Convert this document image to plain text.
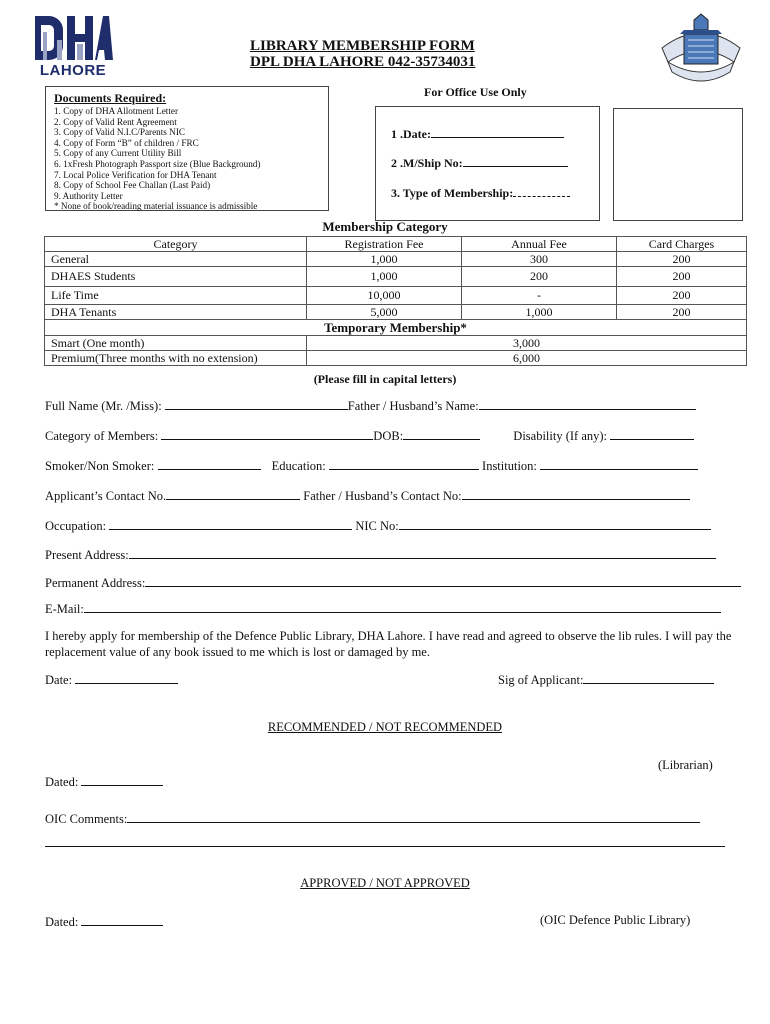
LAHORE
LIBRARY MEMBERSHIP FORM
DPL DHA LAHORE 042-35734031
Documents Required:
1. Copy of DHA Allotment Letter
2. Copy of Valid Rent Agreement
3. Copy of Valid N.I.C/Parents NIC
4. Copy of Form “B” of children / FRC
5. Copy of any Current Utility Bill
6. 1xFresh Photograph Passport size (Blue Background)
7. Local Police Verification for DHA Tenant
8. Copy of School Fee Challan (Last Paid)
9. Authority Letter
* None of book/reading material issuance is admissible
For Office Use Only
1 .Date:
2 .M/Ship No:
3. Type of Membership:
Membership Category
Category	Registration Fee	Annual Fee	Card Charges
General	1,000	300	200
DHAES Students	1,000	200	200
Life Time	10,000	-	200
DHA Tenants	5,000	1,000	200
Temporary Membership*			
Smart (One month)	3,000		
Premium(Three months with no extension)	6,000		
(Please fill in capital letters)
Full Name (Mr. /Miss):	Father / Husband’s Name:
Category of Members:	DOB:	Disability (If any):
Smoker/Non Smoker:	Education:	Institution:
Applicant’s Contact No.	Father / Husband’s Contact No:
Occupation:	NIC No:
Present Address:
Permanent Address:
E-Mail:
I hereby apply for membership of the Defence Public Library, DHA Lahore. I have read and agreed to observe the lib rules. I will pay the replacement value of any book issued to me which is lost or damaged by me.
Date:	Sig of Applicant:
RECOMMENDED / NOT RECOMMENDED
(Librarian)
Dated:
OIC Comments:
APPROVED / NOT APPROVED
Dated:	(OIC Defence Public Library)
